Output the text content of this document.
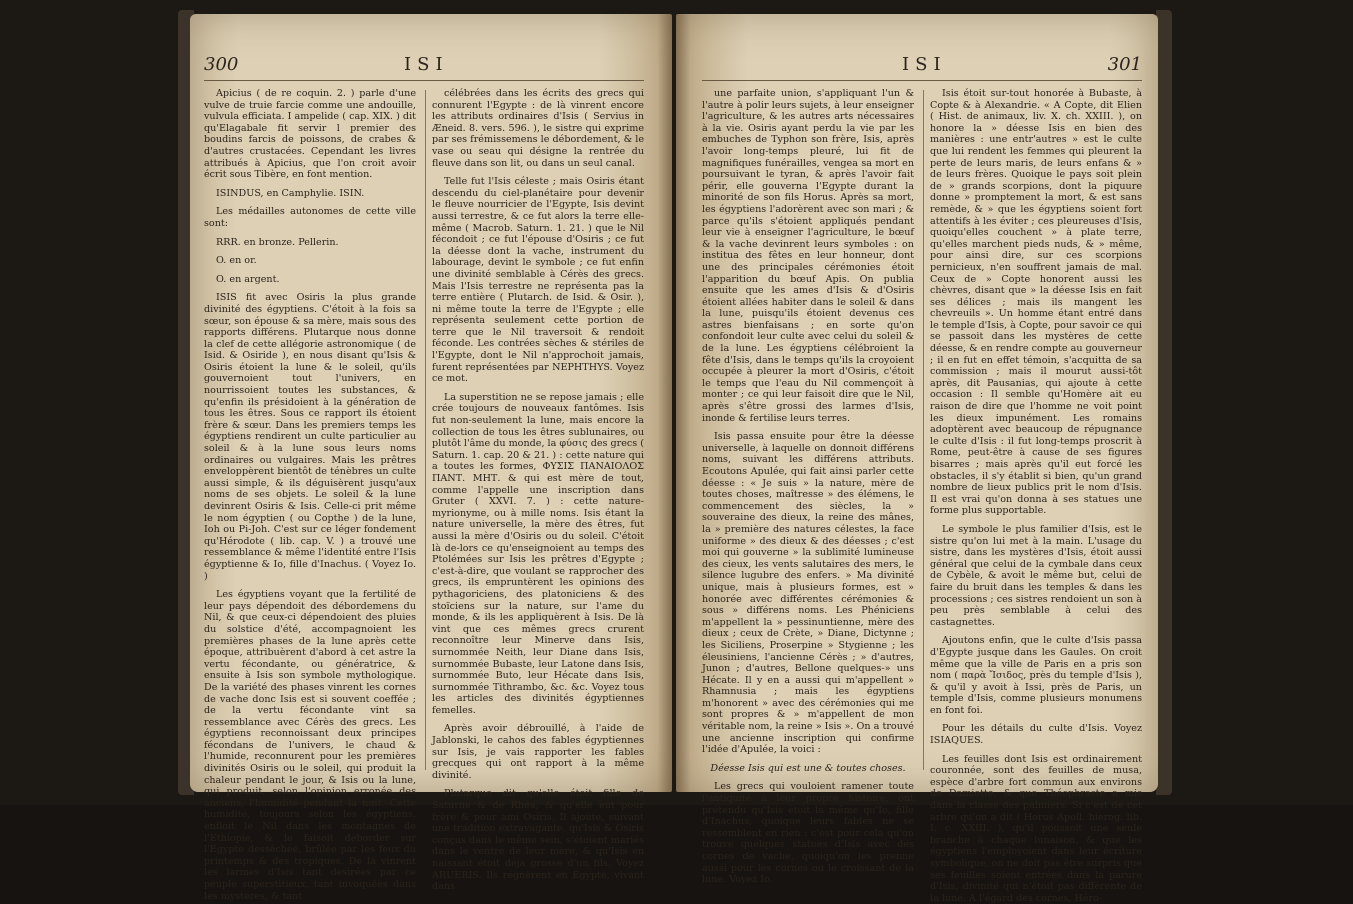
300	ISI

Apicius ( de re coquin. 2. ) parle d'une vulve de truie farcie comme une andouille, vulvula efficiata. I ampelide ( cap. XIX. ) dit qu'Elagabale fit servir l premier des boudins farcis de poissons, de crabes & d'autres crustacées. Cependant les livres attribués à Apicius, que l'on croit avoir écrit sous Tibère, en font mention.

ISINDUS, en Camphylie. ISIN.

Les médailles autonomes de cette ville sont:

RRR. en bronze. Pellerin.

O. en or.

O. en argent.

ISIS fit avec Osiris la plus grande divinité des égyptiens. C'étoit à la fois sa sœur, son épouse & sa mère, mais sous des rapports différens. Plutarque nous donne la clef de cette allégorie astronomique ( de Isid. & Osiride ), en nous disant qu'Isis & Osiris étoient la lune & le soleil, qu'ils gouvernoient tout l'univers, en nourrissoient toutes les substances, & qu'enfin ils présidoient à la génération de tous les êtres. Sous ce rapport ils étoient frère & sœur. Dans les premiers temps les égyptiens rendirent un culte particulier au soleil & à la lune sous leurs noms ordinaires ou vulgaires. Mais les prêtres enveloppèrent bientôt de ténèbres un culte aussi simple, & ils déguisèrent jusqu'aux noms de ses objets. Le soleil & la lune devinrent Osiris & Isis. Celle-ci prit même le nom égyptien ( ou Copthe ) de la lune, Ioh ou Pi-Joh. C'est sur ce léger fondement qu'Hérodote ( lib. cap. V. ) a trouvé une ressemblance & même l'identité entre l'Isis égyptienne & Io, fille d'Inachus. ( Voyez Io. )

Les égyptiens voyant que la fertilité de leur pays dépendoit des débordemens du Nil, & que ceux-ci dépendoient des pluies du solstice d'été, accompagnoient les premières phases de la lune après cette époque, attribuèrent d'abord à cet astre la vertu fécondante, ou génératrice, & ensuite à Isis son symbole mythologique. De la variété des phases vinrent les cornes de vache donc Isis est si souvent coeffée ; de la vertu fécondante vint sa ressemblance avec Cérès des grecs. Les égyptiens reconnoissant deux principes fécondans de l'univers, le chaud & l'humide, reconnurent pour les premières divinités Osiris ou le soleil, qui produit la chaleur pendant le jour, & Isis ou la lune, qui produit, selon l'opinion erronée des anciens, l'humidité pendant la nuit. Cette humidité, toujours selon les égyptiens, enfloit le Nil dans les montagnes de l'Ethiopie, & le faisoit déborder sur l'Egypte desséchée, brûlée par les feux du printemps & des tropiques. De là vinrent les larmes d'Isis tant desirées par ce peuple superstitieux, tant invoquées dans les mystères, & tant

célébrées dans les écrits des grecs qui connurent l'Egypte : de là vinrent encore les attributs ordinaires d'Isis ( Servius in Æneid. 8. vers. 596. ), le sistre qui exprime par ses frémissemens le débordement, & le vase ou seau qui désigne la rentrée du fleuve dans son lit, ou dans un seul canal.

Telle fut l'Isis céleste ; mais Osiris étant descendu du ciel-planétaire pour devenir le fleuve nourricier de l'Egypte, Isis devint aussi terrestre, & ce fut alors la terre elle-même ( Macrob. Saturn. 1. 21. ) que le Nil fécondoit ; ce fut l'épouse d'Osiris ; ce fut la déesse dont la vache, instrument du labourage, devint le symbole ; ce fut enfin une divinité semblable à Cérès des grecs. Mais l'Isis terrestre ne représenta pas la terre entière ( Plutarch. de Isid. & Osir. ), ni même toute la terre de l'Egypte ; elle représenta seulement cette portion de terre que le Nil traversoit & rendoit féconde. Les contrées sèches & stériles de l'Egypte, dont le Nil n'approchoit jamais, furent représentées par NEPHTHYS. Voyez ce mot.

La superstition ne se repose jamais ; elle crée toujours de nouveaux fantômes. Isis fut non-seulement la lune, mais encore la collection de tous les êtres sublunaires, ou plutôt l'âme du monde, la φύσις des grecs ( Saturn. 1. cap. 20 & 21. ) : cette nature qui a toutes les formes, ΦΥΣΙΣ ΠΑΝΑΙΟΛΟΣ ΠΑΝΤ. ΜΗΤ. & qui est mère de tout, comme l'appelle une inscription dans Gruter ( XXVI. 7. ) : cette nature-myrionyme, ou à mille noms. Isis étant la nature universelle, la mère des êtres, fut aussi la mère d'Osiris ou du soleil. C'étoit là de-lors ce qu'enseignoient au temps des Ptolémées sur Isis les prêtres d'Egypte ; c'est-à-dire, que voulant se rapprocher des grecs, ils empruntèrent les opinions des pythagoriciens, des platoniciens & des stoïciens sur la nature, sur l'ame du monde, & ils les appliquèrent à Isis. De là vint que ces mêmes grecs crurent reconnoître leur Minerve dans Isis, surnommée Neith, leur Diane dans Isis, surnommée Bubaste, leur Latone dans Isis, surnommée Buto, leur Hécate dans Isis, surnommée Tithrambo, &c. &c. Voyez tous les articles des divinités égyptiennes femelles.

Après avoir débrouillé, à l'aide de Jablonski, le cahos des fables égyptiennes sur Isis, je vais rapporter les fables grecques qui ont rapport à la même divinité.

Plutarque dit qu'elle étoit fille de Saturne & de Rhéa, & qu'elle eut pour frère & pour ami Osiris. Il ajoute, suivant une tradition extravagante, qu'Isis & Osiris conçus dans le même sein, s'étoient mariés dans le ventre de leur mère, & qu'Isis en naissant étoit déja grosse d'un fils. Voyez ARUERIS. Ils régnèrent en Egypte, vivant dans

ISI	301

une parfaite union, s'appliquant l'un & l'autre à polir leurs sujets, à leur enseigner l'agriculture, & les autres arts nécessaires à la vie. Osiris ayant perdu la vie par les embuches de Typhon son frère, Isis, après l'avoir long-temps pleuré, lui fit de magnifiques funérailles, vengea sa mort en poursuivant le tyran, & après l'avoir fait périr, elle gouverna l'Egypte durant la minorité de son fils Horus. Après sa mort, les égyptiens l'adorèrent avec son mari ; & parce qu'ils s'étoient appliqués pendant leur vie à enseigner l'agriculture, le bœuf & la vache devinrent leurs symboles : on institua des fêtes en leur honneur, dont une des principales cérémonies étoit l'apparition du bœuf Apis. On publia ensuite que les ames d'Isis & d'Osiris étoient allées habiter dans le soleil & dans la lune, puisqu'ils étoient devenus ces astres bienfaisans ; en sorte qu'on confondoit leur culte avec celui du soleil & de la lune. Les égyptiens célébroient la fête d'Isis, dans le temps qu'ils la croyoient occupée à pleurer la mort d'Osiris, c'étoit le temps que l'eau du Nil commençoit à monter ; ce qui leur faisoit dire que le Nil, après s'être grossi des larmes d'Isis, inonde & fertilise leurs terres.

Isis passa ensuite pour être la déesse universelle, à laquelle on donnoit différens noms, suivant les différens attributs. Ecoutons Apulée, qui fait ainsi parler cette déesse : « Je suis » la nature, mère de toutes choses, maîtresse » des élémens, le commencement des siècles, la » souveraine des dieux, la reine des mânes, la » première des natures célestes, la face uniforme » des dieux & des déesses ; c'est moi qui gouverne » la sublimité lumineuse des cieux, les vents salutaires des mers, le silence lugubre des enfers. » Ma divinité unique, mais à plusieurs formes, est » honorée avec différentes cérémonies & sous » différens noms. Les Phéniciens m'appellent la » pessinuntienne, mère des dieux ; ceux de Crète, » Diane, Dictynne ; les Siciliens, Proserpine » Stygienne ; les éleusiniens, l'ancienne Cérès ; » d'autres, Junon ; d'autres, Bellone quelques-» uns Hécate. Il y en a aussi qui m'appellent » Rhamnusia ; mais les égyptiens m'honorent » avec des cérémonies qui me sont propres & » m'appellent de mon véritable nom, la reine » Isis ». On a trouvé une ancienne inscription qui confirme l'idée d'Apulée, la voici :

Déesse Isis qui est une & toutes choses.

Les grecs qui vouloient ramener toute l'antiquité à leur propre histoire, ont prétendu qu'Isis étoit la même qu'Io, fille d'Inachus, quoique leurs fables ne se ressemblent en rien : c'est pour cela qu'on trouve quelques statues d'Isis avec des cornes de vache, quoiqu'on les prenne aussi pour les cornes ou le croissant de la lune. Voyez Io.

Isis étoit sur-tout honorée à Bubaste, à Copte & à Alexandrie. « A Copte, dit Elien ( Hist. de animaux, liv. X. ch. XXIII. ), on honore la » déesse Isis en bien des manières : une entr'autres » est le culte que lui rendent les femmes qui pleurent la perte de leurs maris, de leurs enfans & » de leurs frères. Quoique le pays soit plein de » grands scorpions, dont la piquure donne » promptement la mort, & est sans remède, & » que les égyptiens soient fort attentifs à les éviter ; ces pleureuses d'Isis, quoiqu'elles couchent » à plate terre, qu'elles marchent pieds nuds, & » même, pour ainsi dire, sur ces scorpions pernicieux, n'en souffrent jamais de mal. Ceux de » Copte honorent aussi les chèvres, disant que » la déesse Isis en fait ses délices ; mais ils mangent les chevreuils ». Un homme étant entré dans le temple d'Isis, à Copte, pour savoir ce qui se passoit dans les mystères de cette déesse, & en rendre compte au gouverneur ; il en fut en effet témoin, s'acquitta de sa commission ; mais il mourut aussi-tôt après, dit Pausanias, qui ajoute à cette occasion : Il semble qu'Homère ait eu raison de dire que l'homme ne voit point les dieux impunément. Les romains adoptèrent avec beaucoup de répugnance le culte d'Isis : il fut long-temps proscrit à Rome, peut-être à cause de ses figures bisarres ; mais après qu'il eut forcé les obstacles, il s'y établit si bien, qu'un grand nombre de lieux publics prit le nom d'Isis. Il est vrai qu'on donna à ses statues une forme plus supportable.

Le symbole le plus familier d'Isis, est le sistre qu'on lui met à la main. L'usage du sistre, dans les mystères d'Isis, étoit aussi général que celui de la cymbale dans ceux de Cybèle, & avoit le même but, celui de faire du bruit dans les temples & dans les processions ; ces sistres rendoient un son à peu près semblable à celui des castagnettes.

Ajoutons enfin, que le culte d'Isis passa d'Egypte jusque dans les Gaules. On croit même que la ville de Paris en a pris son nom ( παρὰ Ἴσιδος, près du temple d'Isis ), & qu'il y avoit à Issi, près de Paris, un temple d'Isis, comme plusieurs monumens en font foi.

Pour les détails du culte d'Isis. Voyez ISIAQUES.

Les feuilles dont Isis est ordinairement couronnée, sont des feuilles de musa, espèce d'arbre fort commun aux environs de Damiette, & que Théophraste a mis dans la classe des palmiers. Si c'est de cet arbre qu'on a dit ( Horus Apoll. hierog. lib. I. c. XXIII. ), qu'il poussoit une seule branche à chaque lunaison, & que les égyptiens l'employoient dans leur écriture symbolique, on ne doit pas être surpris que ses feuilles soient entrées dans la parure d'Isis, divinité qui n'étoit pas différente de la lune. A l'égard des cornes, Héro-
